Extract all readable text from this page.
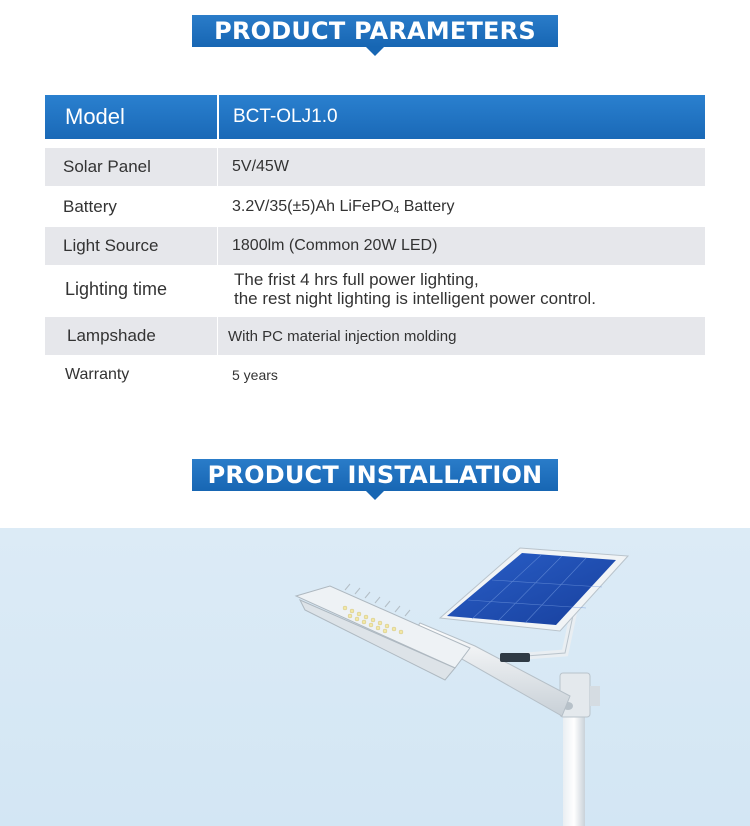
PRODUCT PARAMETERS
Model	BCT-OLJ1.0
Solar Panel	5V/45W
Battery	3.2V/35(±5)Ah LiFePO 4 Battery
Light Source	1800lm (Common 20W LED)
Lighting time	The frist 4 hrs full power lighting,
the rest night lighting is intelligent power control.
Lampshade	With PC material injection molding
Warranty	5 years
PRODUCT INSTALLATION
